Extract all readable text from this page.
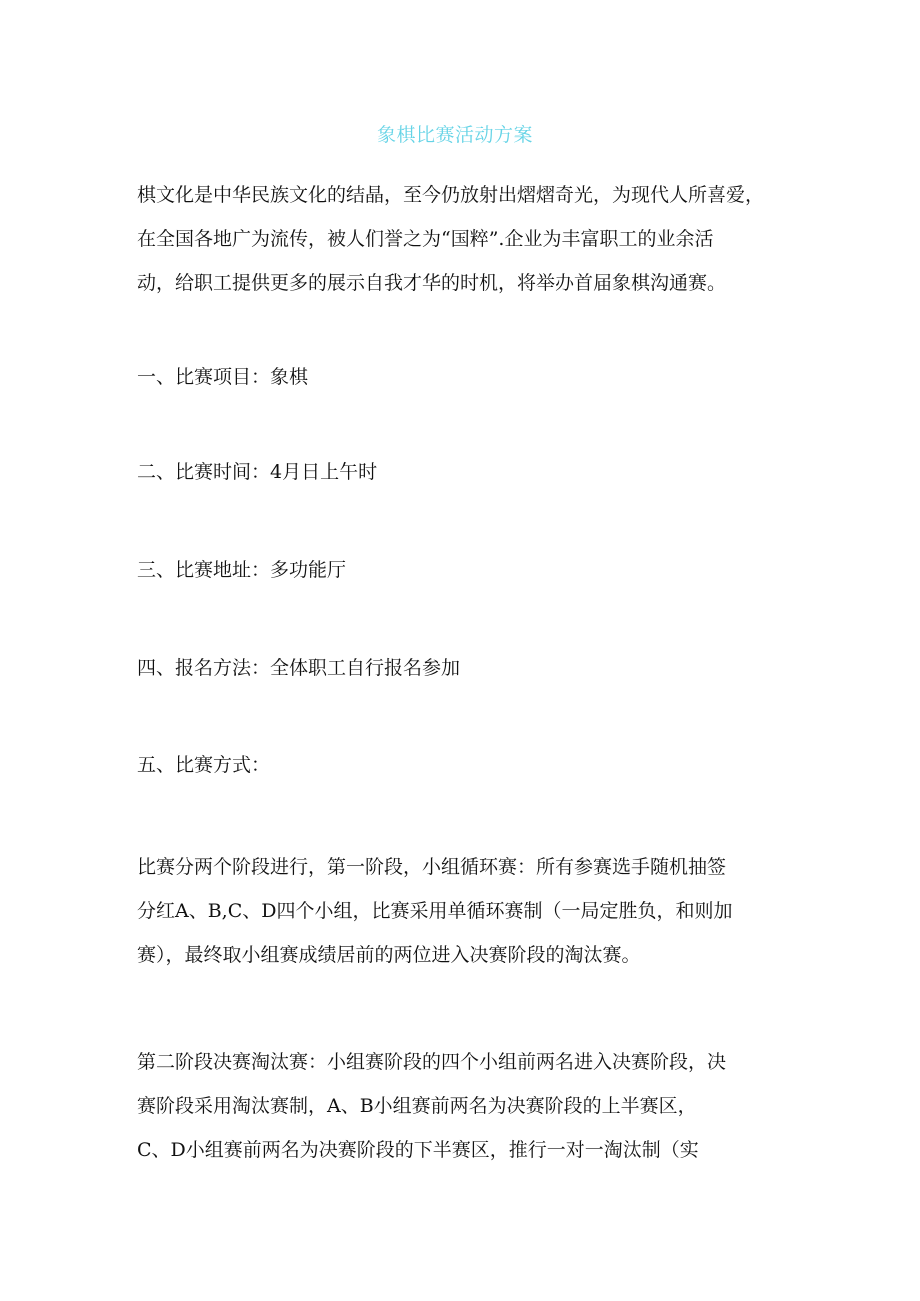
象棋比赛活动方案
棋文化是中华民族文化的结晶，至今仍放射出熠熠奇光，为现代人所喜爱，
在全国各地广为流传，被人们誉之为“国粹”.企业为丰富职工的业余活
动，给职工提供更多的展示自我才华的时机，将举办首届象棋沟通赛。
一、比赛项目：象棋
二、比赛时间：4月日上午时
三、比赛地址：多功能厅
四、报名方法：全体职工自行报名参加
五、比赛方式：
比赛分两个阶段进行，第一阶段，小组循环赛：所有参赛选手随机抽签
分红A、B,C、D四个小组，比赛采用单循环赛制（一局定胜负，和则加
赛），最终取小组赛成绩居前的两位进入决赛阶段的淘汰赛。
第二阶段决赛淘汰赛：小组赛阶段的四个小组前两名进入决赛阶段，决
赛阶段采用淘汰赛制，A、B小组赛前两名为决赛阶段的上半赛区，
C、D小组赛前两名为决赛阶段的下半赛区，推行一对一淘汰制（实
